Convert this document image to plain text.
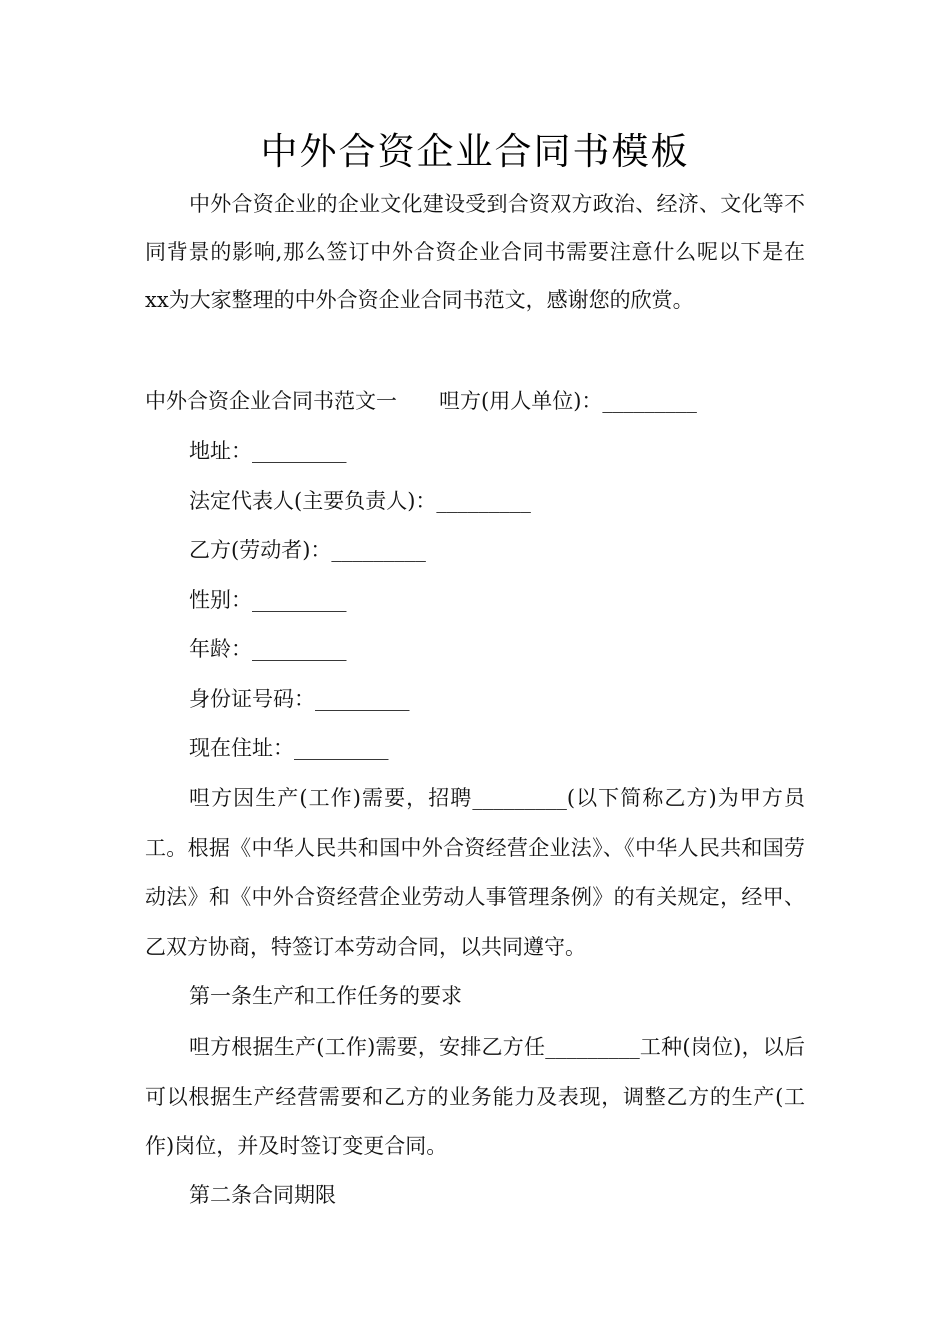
中外合资企业合同书模板

中外合资企业的企业文化建设受到合资双方政治、经济、文化等不同背景的影响,那么签订中外合资企业合同书需要注意什么呢以下是在xx为大家整理的中外合资企业合同书范文，感谢您的欣赏。

中外合资企业合同书范文一　　呾方(用人单位)：_________

地址：_________

法定代表人(主要负责人)：_________

乙方(劳动者)：_________

性别：_________

年龄：_________

身份证号码：_________

现在住址：_________

呾方因生产(工作)需要，招聘_________(以下简称乙方)为甲方员工。根据《中华人民共和国中外合资经营企业法》、《中华人民共和国劳动法》和《中外合资经营企业劳动人事管理条例》的有关规定，经甲、乙双方协商，特签订本劳动合同，以共同遵守。

第一条生产和工作任务的要求

呾方根据生产(工作)需要，安排乙方任_________工种(岗位)，以后可以根据生产经营需要和乙方的业务能力及表现，调整乙方的生产(工作)岗位，并及时签订变更合同。

第二条合同期限
